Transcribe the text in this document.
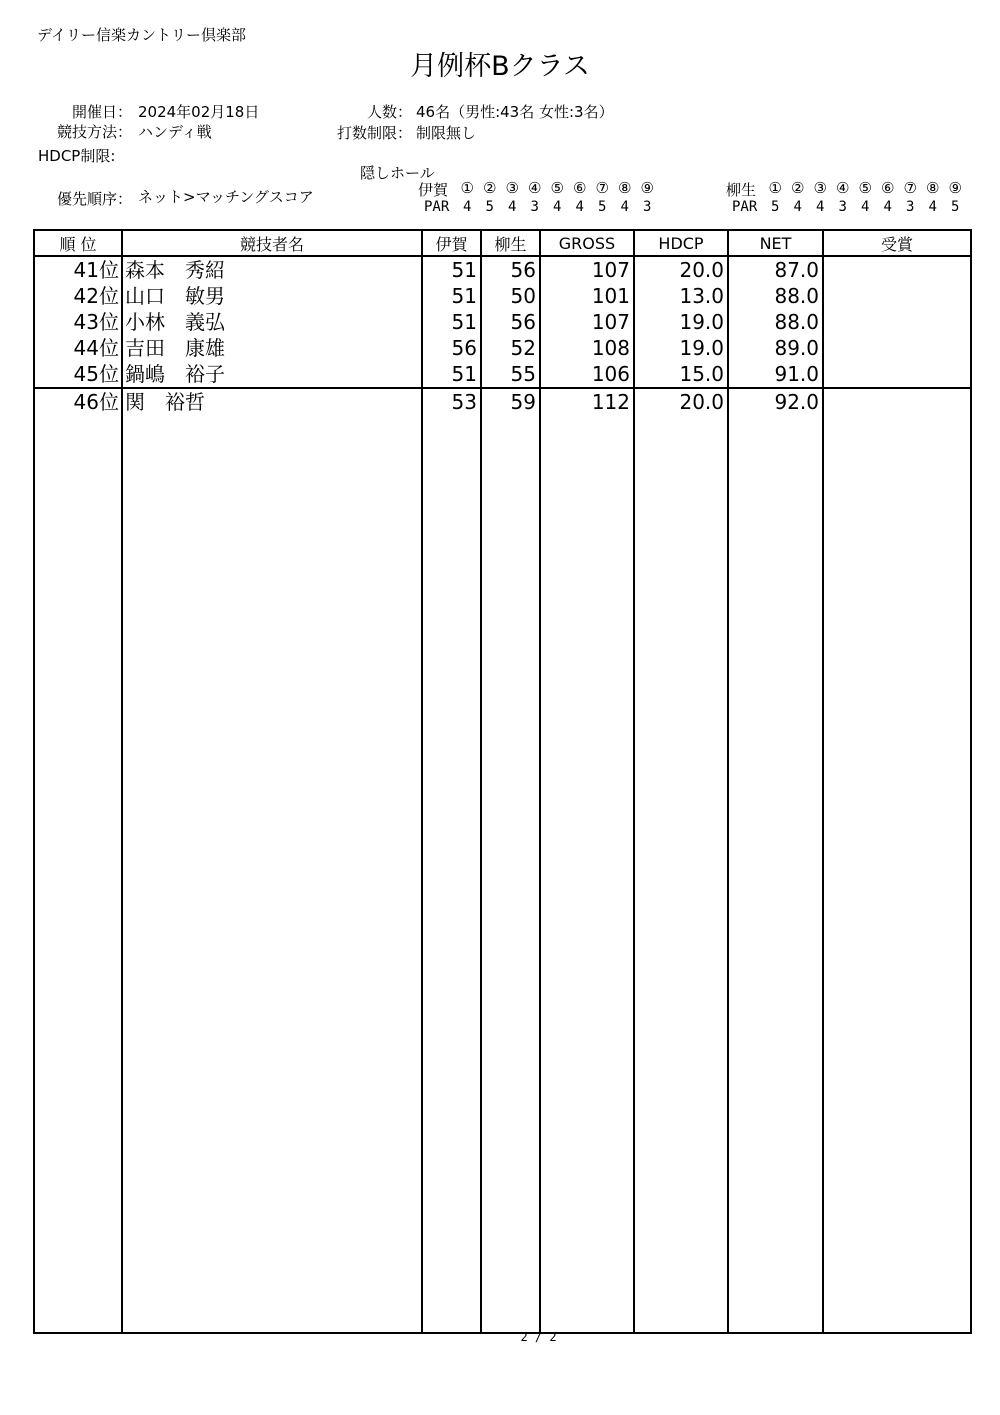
デイリー信楽カントリー倶楽部
月例杯Bクラス
開催日： 2024年02月18日
競技方法： ハンディ戦
HDCP制限:
優先順序： ネット>マッチングスコア
人数： 46名（男性:43名 女性:3名）
打数制限： 制限無し
隠しホール
伊賀 ① ② ③ ④ ⑤ ⑥ ⑦ ⑧ ⑨
PAR 4 5 4 3 4 4 5 4 3
柳生 ① ② ③ ④ ⑤ ⑥ ⑦ ⑧ ⑨
PAR 5 4 4 3 4 4 3 4 5
順 位	競技者名	伊賀	柳生	GROSS	HDCP	NET	受賞
41位	森本　秀紹	51	56	107	20.0	87.0	
42位	山口　敏男	51	50	101	13.0	88.0	
43位	小林　義弘	51	56	107	19.0	88.0	
44位	吉田　康雄	56	52	108	19.0	89.0	
45位	鍋嶋　裕子	51	55	106	15.0	91.0	
46位	関　裕哲	53	59	112	20.0	92.0	

2 / 2
